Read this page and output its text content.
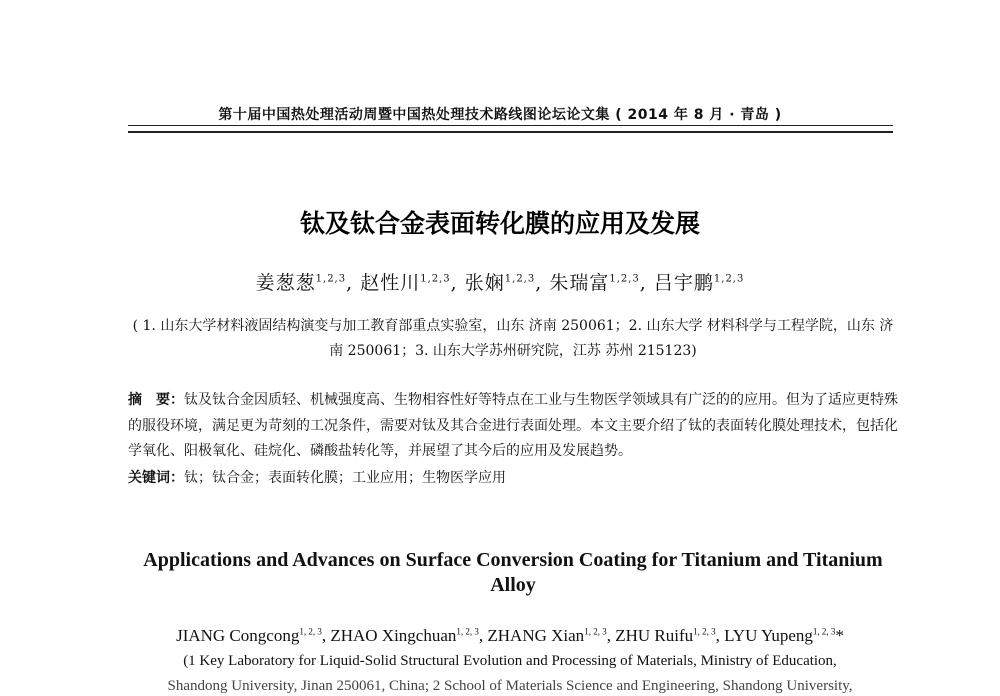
第十届中国热处理活动周暨中国热处理技术路线图论坛论文集 ( 2014 年 8 月 · 青岛 )
钛及钛合金表面转化膜的应用及发展
姜葱葱$^{1,2,3}$, 赵性川$^{1,2,3}$, 张娴$^{1,2,3}$, 朱瑞富$^{1,2,3}$, 吕宇鹏$^{1,2,3}$
( 1. 山东大学材料液固结构演变与加工教育部重点实验室，山东 济南 250061；2. 山东大学 材料科学与工程学院，山东 济南 250061；3. 山东大学苏州研究院，江苏 苏州 215123)
摘　要：钛及钛合金因质轻、机械强度高、生物相容性好等特点在工业与生物医学领域具有广泛的的应用。但为了适应更特殊的服役环境，满足更为苛刻的工况条件，需要对钛及其合金进行表面处理。本文主要介绍了钛的表面转化膜处理技术，包括化学氧化、阳极氧化、硅烷化、磷酸盐转化等，并展望了其今后的应用及发展趋势。
关键词：钛；钛合金；表面转化膜；工业应用；生物医学应用
Applications and Advances on Surface Conversion Coating for Titanium and Titanium Alloy
JIANG Congcong$^{1, 2, 3}$, ZHAO Xingchuan$^{1, 2, 3}$, ZHANG Xian$^{1, 2, 3}$, ZHU Ruifu$^{1, 2, 3}$, LYU Yupeng$^{1, 2, 3}$*
(1 Key Laboratory for Liquid-Solid Structural Evolution and Processing of Materials, Ministry of Education,
Shandong University, Jinan 250061, China; 2 School of Materials Science and Engineering, Shandong University,
